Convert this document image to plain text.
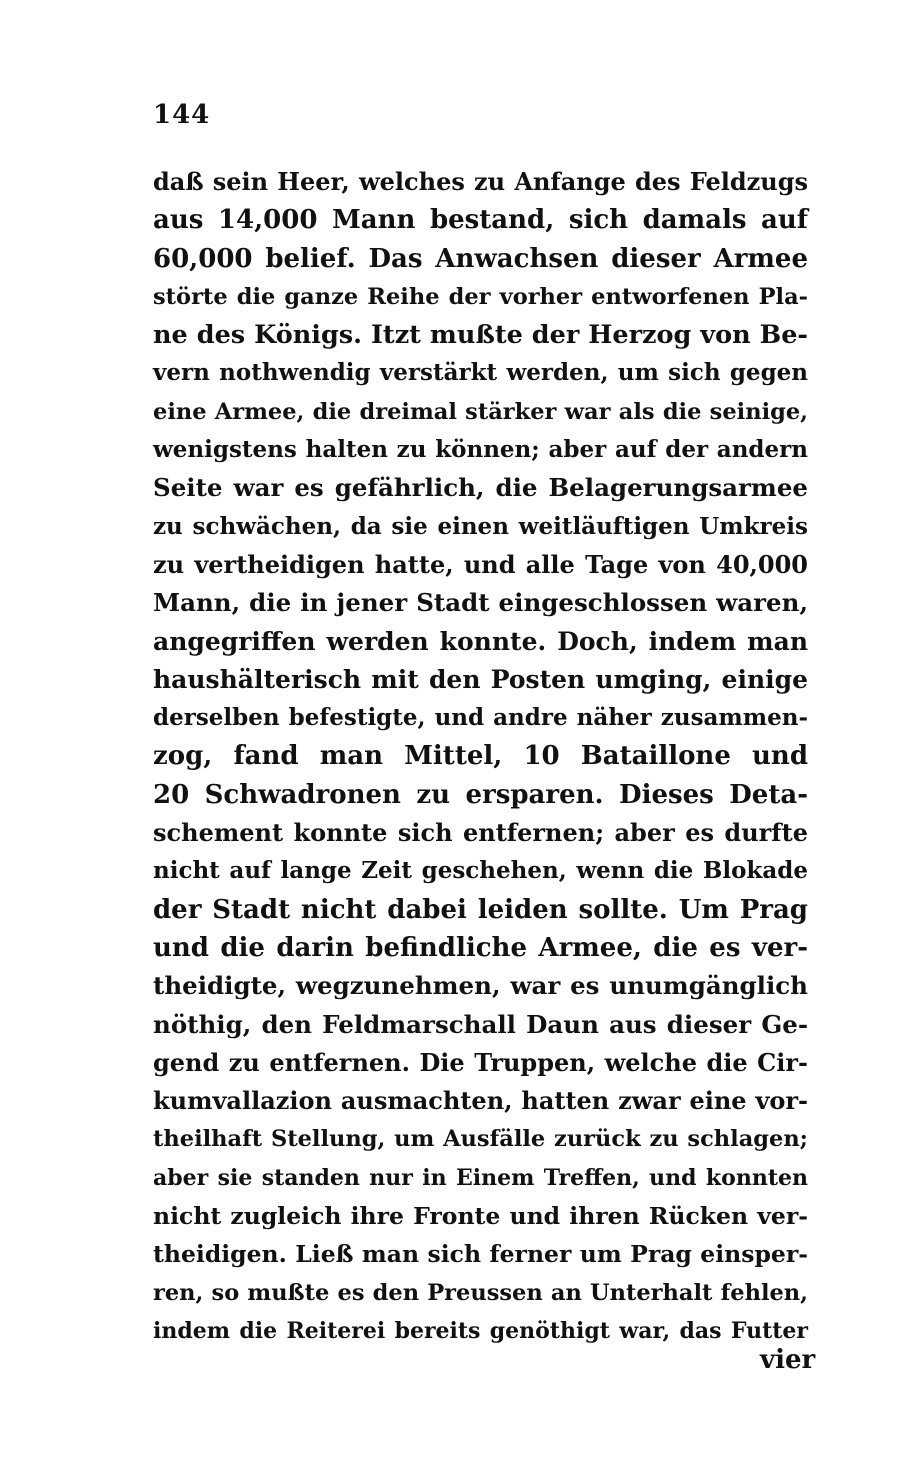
144
daß sein Heer, welches zu Anfange des Feldzugs
aus 14,000 Mann bestand, sich damals auf
60,000 belief. Das Anwachsen dieser Armee
störte die ganze Reihe der vorher entworfenen Pla-
ne des Königs. Itzt mußte der Herzog von Be-
vern nothwendig verstärkt werden, um sich gegen
eine Armee, die dreimal stärker war als die seinige,
wenigstens halten zu können; aber auf der andern
Seite war es gefährlich, die Belagerungsarmee
zu schwächen, da sie einen weitläuftigen Umkreis
zu vertheidigen hatte, und alle Tage von 40,000
Mann, die in jener Stadt eingeschlossen waren,
angegriffen werden konnte. Doch, indem man
haushälterisch mit den Posten umging, einige
derselben befestigte, und andre näher zusammen-
zog, fand man Mittel, 10 Bataillone und
20 Schwadronen zu ersparen. Dieses Deta-
schement konnte sich entfernen; aber es durfte
nicht auf lange Zeit geschehen, wenn die Blokade
der Stadt nicht dabei leiden sollte. Um Prag
und die darin befindliche Armee, die es ver-
theidigte, wegzunehmen, war es unumgänglich
nöthig, den Feldmarschall Daun aus dieser Ge-
gend zu entfernen. Die Truppen, welche die Cir-
kumvallazion ausmachten, hatten zwar eine vor-
theilhaft Stellung, um Ausfälle zurück zu schlagen;
aber sie standen nur in Einem Treffen, und konnten
nicht zugleich ihre Fronte und ihren Rücken ver-
theidigen. Ließ man sich ferner um Prag einsper-
ren, so mußte es den Preussen an Unterhalt fehlen,
indem die Reiterei bereits genöthigt war, das Futter
vier
